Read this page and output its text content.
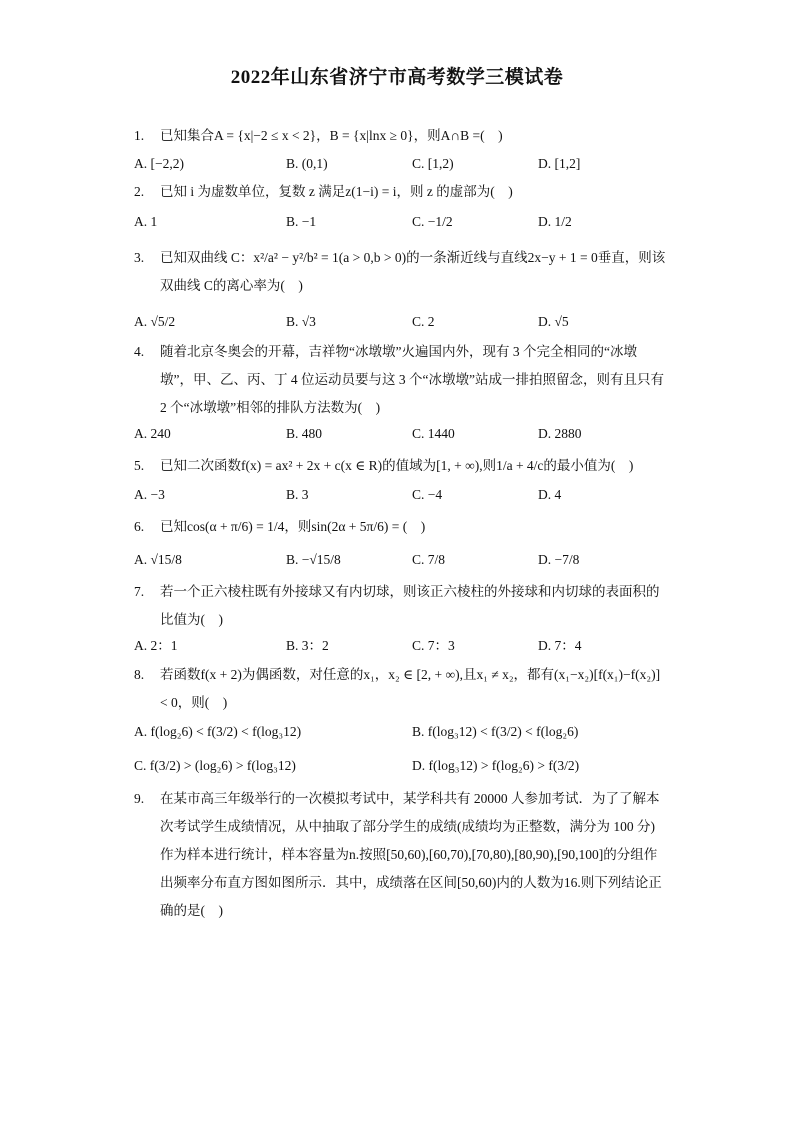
2022年山东省济宁市高考数学三模试卷
1. 已知集合A = {x|−2 ≤ x < 2}，B = {x|lnx ≥ 0}，则A∩B =(　)
A. [−2,2)	B. (0,1)	C. [1,2)	D. [1,2]
2. 已知 i 为虚数单位，复数 z 满足z(1−i) = i，则 z 的虚部为(　)
A. 1	B. −1	C. −1/2	D. 1/2
3. 已知双曲线 C：x²/a² − y²/b² = 1(a > 0,b > 0)的一条渐近线与直线2x−y + 1 = 0垂直，则该双曲线 C的离心率为(　)
A. √5/2	B. √3	C. 2	D. √5
4. 随着北京冬奥会的开幕，吉祥物“冰墩墩”火遍国内外，现有 3 个完全相同的“冰墩墩”，甲、乙、丙、丁 4 位运动员要与这 3 个“冰墩墩”站成一排拍照留念，则有且只有 2 个“冰墩墩”相邻的排队方法数为(　)
A. 240	B. 480	C. 1440	D. 2880
5. 已知二次函数f(x) = ax² + 2x + c(x ∈ R)的值域为[1, + ∞),则1/a + 4/c的最小值为(　)
A. −3	B. 3	C. −4	D. 4
6. 已知cos(α + π/6) = 1/4，则sin(2α + 5π/6) = (　)
A. √15/8	B. −√15/8	C. 7/8	D. −7/8
7. 若一个正六棱柱既有外接球又有内切球，则该正六棱柱的外接球和内切球的表面积的比值为(　)
A. 2：1	B. 3：2	C. 7：3	D. 7：4
8. 若函数f(x + 2)为偶函数，对任意的x₁，x₂ ∈ [2, + ∞),且x₁ ≠ x₂，都有(x₁−x₂)[f(x₁)−f(x₂)] < 0，则(　)
A. f(log₂6) < f(3/2) < f(log₃12)	B. f(log₃12) < f(3/2) < f(log₂6)
C. f(3/2) > (log₂6) > f(log₃12)	D. f(log₃12) > f(log₂6) > f(3/2)
9. 在某市高三年级举行的一次模拟考试中，某学科共有 20000 人参加考试．为了了解本次考试学生成绩情况，从中抽取了部分学生的成绩(成绩均为正整数，满分为 100 分)作为样本进行统计，样本容量为n.按照[50,60),[60,70),[70,80),[80,90),[90,100]的分组作出频率分布直方图如图所示．其中，成绩落在区间[50,60)内的人数为16.则下列结论正确的是(　)
